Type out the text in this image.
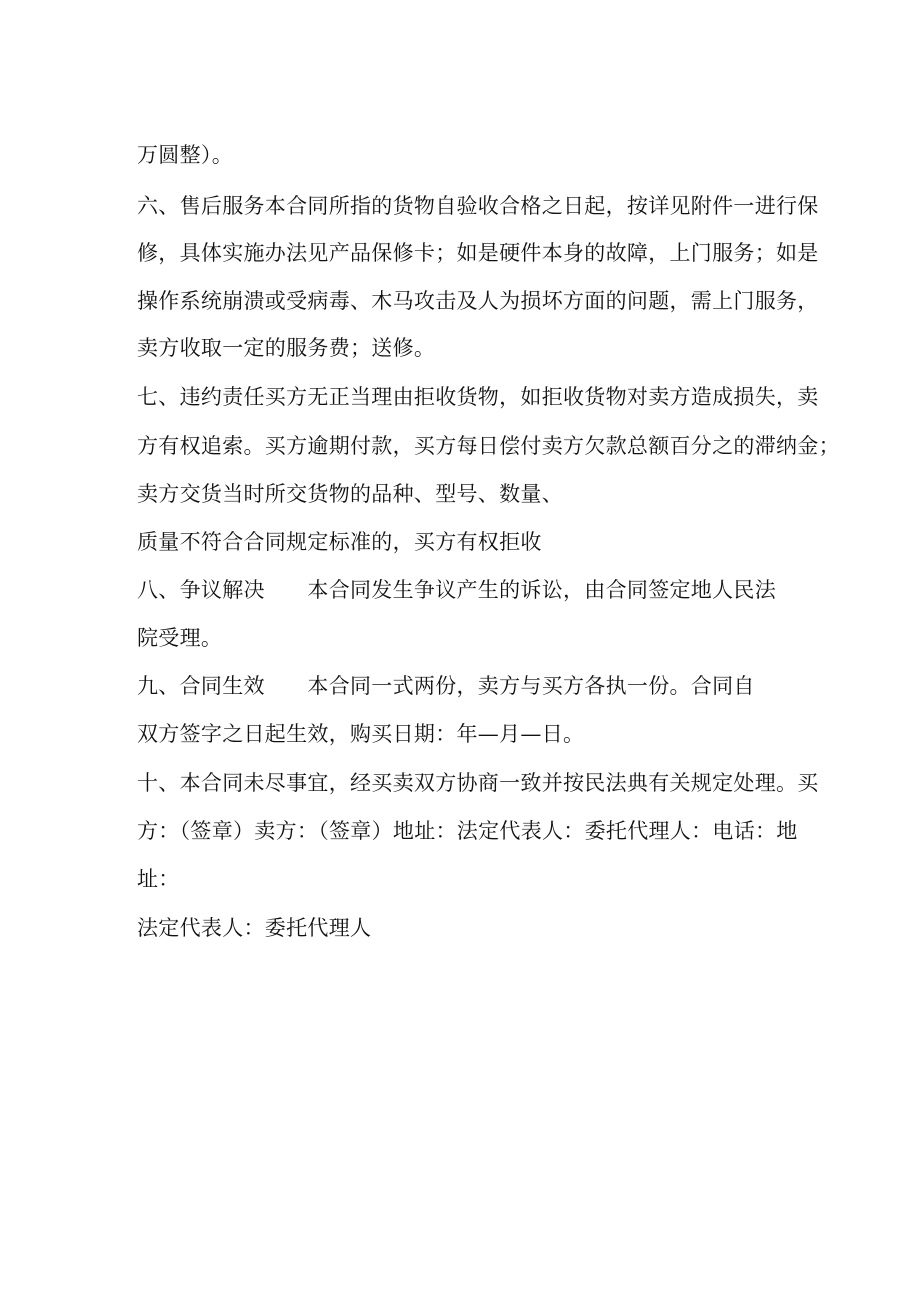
万圆整）。
六、售后服务本合同所指的货物自验收合格之日起，按详见附件一进行保
修，具体实施办法见产品保修卡；如是硬件本身的故障，上门服务；如是
操作系统崩溃或受病毒、木马攻击及人为损坏方面的问题，需上门服务，
卖方收取一定的服务费；送修。
七、违约责任买方无正当理由拒收货物，如拒收货物对卖方造成损失，卖
方有权追索。买方逾期付款，买方每日偿付卖方欠款总额百分之的滞纳金；
卖方交货当时所交货物的品种、型号、数量、
质量不符合合同规定标准的，买方有权拒收
八、争议解决　　本合同发生争议产生的诉讼，由合同签定地人民法
院受理。
九、合同生效　　本合同一式两份，卖方与买方各执一份。合同自
双方签字之日起生效，购买日期：年—月—日。
十、本合同未尽事宜，经买卖双方协商一致并按民法典有关规定处理。买
方：（签章）卖方：（签章）地址：法定代表人：委托代理人：电话：地
址：
法定代表人：委托代理人
